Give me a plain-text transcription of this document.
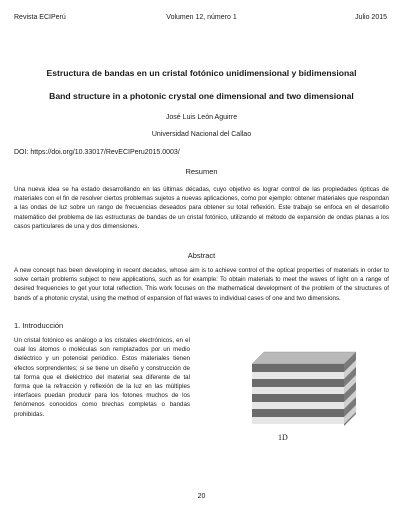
Revista ECIPerú	Volumen 12, número 1	Julio 2015
Estructura de bandas en un cristal fotónico unidimensional y bidimensional
Band structure in a photonic crystal one dimensional and two dimensional
José Luis León Aguirre
Universidad Nacional del Callao
DOI: https://doi.org/10.33017/RevECIPeru2015.0003/
Resumen

Una nueva idea se ha estado desarrollando en las últimas décadas, cuyo objetivo es lograr control de las propiedades ópticas de materiales con el fin de resolver ciertos problemas sujetos a nuevas aplicaciones, como por ejemplo: obtener materiales que respondan a las ondas de luz sobre un rango de frecuencias deseados para obtener su total reflexión. Este trabajo se enfoca en el desarrollo matemático del problema de las estructuras de bandas de un cristal fotónico, utilizando el método de expansión de ondas planas a los casos particulares de una y dos dimensiones.

Abstract

A new concept has been developing in recent decades, whose aim is to achieve control of the optical properties of materials in order to solve certain problems subject to new applications, such as for example: To obtain materials to meet the waves of light on a range of desired frequencies to get your total reflection. This work focuses on the mathematical development of the problem of the structures of bands of a photonic crystal, using the method of expansion of flat waves to individual cases of one and two dimensions.

1. Introducción

Un cristal fotónico es análogo a los cristales electrónicos, en el cual los átomos o moléculas son remplazados por un medio dieléctrico y un potencial periódico. Estos materiales tienen efectos sorprendentes; si se tiene un diseño y construcción de tal forma que el dieléctrico del material sea diferente de tal forma que la refracción y reflexión de la luz en las múltiples interfaces puedan producir para los fotones muchos de los fenómenos conocidos como brechas completas o bandas prohibidas.

1D
20
